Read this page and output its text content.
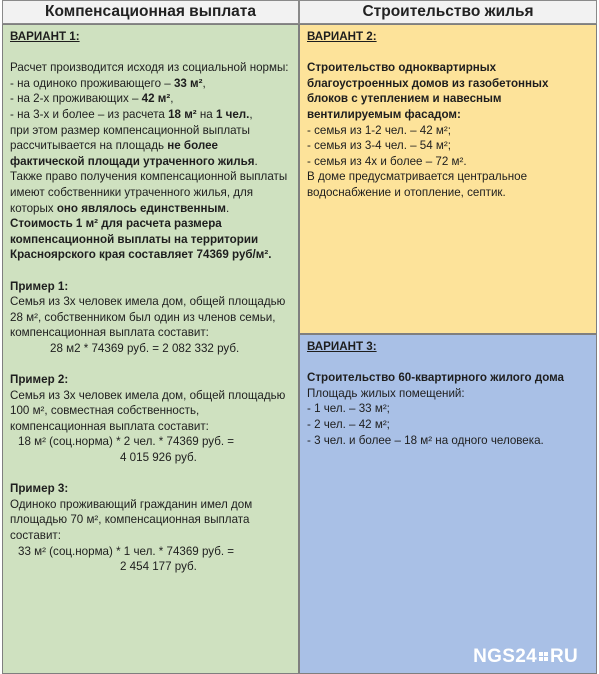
Компенсационная выплата	Строительство жилья
ВАРИАНТ 1:
Расчет производится исходя из социальной нормы:
- на одиноко проживающего – 33 м²,
- на 2-х проживающих – 42 м²,
- на 3-х и более – из расчета 18 м² на 1 чел.,
при этом размер компенсационной выплаты рассчитывается на площадь не более фактической площади утраченного жилья.
Также право получения компенсационной выплаты имеют собственники утраченного жилья, для которых оно являлось единственным.
Стоимость 1 м² для расчета размера компенсационной выплаты на территории Красноярского края составляет 74369 руб/м².
Пример 1:
Семья из 3х человек имела дом, общей площадью 28 м², собственником был один из членов семьи, компенсационная выплата составит:
28 м2 * 74369 руб. = 2 082 332 руб.
Пример 2:
Семья из 3х человек имела дом, общей площадью 100 м², совместная собственность, компенсационная выплата составит:
18 м² (соц.норма) * 2 чел. * 74369 руб. =
4 015 926 руб.
Пример 3:
Одиноко проживающий гражданин имел дом площадью 70 м², компенсационная выплата составит:
33 м² (соц.норма) * 1 чел. * 74369 руб. =
2 454 177 руб.
ВАРИАНТ 2:
Строительство одноквартирных благоустроенных домов из газобетонных блоков с утеплением и навесным вентилируемым фасадом:
- семья из 1-2 чел. – 42 м²;
- семья из 3-4 чел. – 54 м²;
- семья из 4х и более – 72 м².
В доме предусматривается центральное водоснабжение и отопление, септик.
ВАРИАНТ 3:
Строительство 60-квартирного жилого дома
Площадь жилых помещений:
- 1 чел. – 33 м²;
- 2 чел. – 42 м²;
- 3 чел. и более – 18 м² на одного человека.
NGS24 RU
